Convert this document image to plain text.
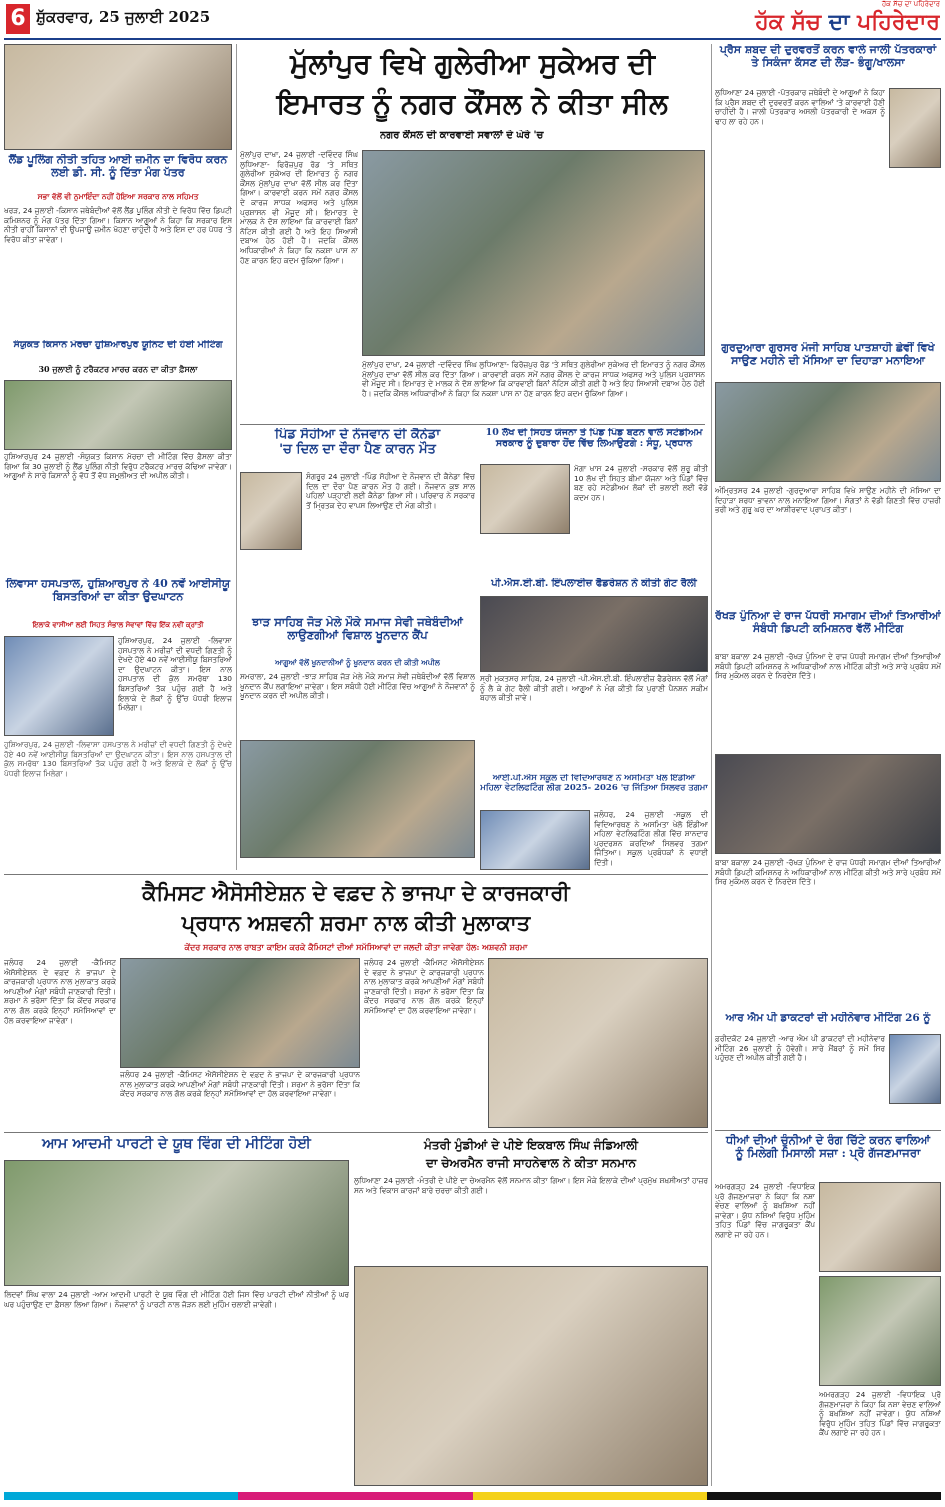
6 ਸ਼ੁੱਕਰਵਾਰ, 25 ਜੁਲਾਈ 2025
ਹੱਕ ਸੱਚ ਦਾ ਪਹਿਰੇਦਾਰ
ਹੱਕ ਸੱਚ ਦਾ ਪਹਿਰੇਦਾਰ
ਲੈਂਡ ਪੂਲਿੰਗ ਨੀਤੀ ਤਹਿਤ ਆਈ ਜ਼ਮੀਨ ਦਾ ਵਿਰੋਧ ਕਰਨ ਲਈ ਡੀ. ਸੀ. ਨੂੰ ਦਿੱਤਾ ਮੰਗ ਪੱਤਰ
ਸਭਾ ਵੱਲੋਂ ਵੀ ਨੁਮਾਇੰਦਾ ਨਹੀਂ ਹੋਇਆ ਸਰਕਾਰ ਨਾਲ ਸਹਿਮਤ
ਖਰੜ, 24 ਜੁਲਾਈ -ਕਿਸਾਨ ਜਥੇਬੰਦੀਆਂ ਵੱਲੋਂ ਲੈਂਡ ਪੂਲਿੰਗ ਨੀਤੀ ਦੇ ਵਿਰੋਧ ਵਿੱਚ ਡਿਪਟੀ ਕਮਿਸ਼ਨਰ ਨੂੰ ਮੰਗ ਪੱਤਰ ਦਿੱਤਾ ਗਿਆ। ਕਿਸਾਨ ਆਗੂਆਂ ਨੇ ਕਿਹਾ ਕਿ ਸਰਕਾਰ ਇਸ ਨੀਤੀ ਰਾਹੀਂ ਕਿਸਾਨਾਂ ਦੀ ਉਪਜਾਊ ਜ਼ਮੀਨ ਖੋਹਣਾ ਚਾਹੁੰਦੀ ਹੈ ਅਤੇ ਇਸ ਦਾ ਹਰ ਪੱਧਰ 'ਤੇ ਵਿਰੋਧ ਕੀਤਾ ਜਾਵੇਗਾ।
ਸੰਯੁਕਤ ਕਿਸਾਨ ਮੋਰਚਾ ਹੁਸ਼ਿਆਰਪੁਰ ਯੂਨਿਟ ਦੀ ਹੋਈ ਮੀਟਿੰਗ
30 ਜੁਲਾਈ ਨੂੰ ਟਰੈਕਟਰ ਮਾਰਚ ਕਰਨ ਦਾ ਕੀਤਾ ਫ਼ੈਸਲਾ
ਹੁਸ਼ਿਆਰਪੁਰ 24 ਜੁਲਾਈ -ਸੰਯੁਕਤ ਕਿਸਾਨ ਮੋਰਚਾ ਦੀ ਮੀਟਿੰਗ ਵਿੱਚ ਫ਼ੈਸਲਾ ਕੀਤਾ ਗਿਆ ਕਿ 30 ਜੁਲਾਈ ਨੂੰ ਲੈਂਡ ਪੂਲਿੰਗ ਨੀਤੀ ਵਿਰੁੱਧ ਟਰੈਕਟਰ ਮਾਰਚ ਕੱਢਿਆ ਜਾਵੇਗਾ। ਆਗੂਆਂ ਨੇ ਸਾਰੇ ਕਿਸਾਨਾਂ ਨੂੰ ਵੱਧ ਤੋਂ ਵੱਧ ਸ਼ਮੂਲੀਅਤ ਦੀ ਅਪੀਲ ਕੀਤੀ।
ਲਿਵਾਸਾ ਹਸਪਤਾਲ, ਹੁਸ਼ਿਆਰਪੁਰ ਨੇ 40 ਨਵੇਂ ਆਈਸੀਯੂ ਬਿਸਤਰਿਆਂ ਦਾ ਕੀਤਾ ਉਦਘਾਟਨ
ਇਲਾਕੇ ਵਾਸੀਆਂ ਲਈ ਸਿਹਤ ਸੰਭਾਲ ਸੇਵਾਵਾਂ ਵਿੱਚ ਇੱਕ ਨਵੀਂ ਕ੍ਰਾਂਤੀ
ਹੁਸ਼ਿਆਰਪੁਰ, 24 ਜੁਲਾਈ -ਲਿਵਾਸਾ ਹਸਪਤਾਲ ਨੇ ਮਰੀਜ਼ਾਂ ਦੀ ਵਧਦੀ ਗਿਣਤੀ ਨੂੰ ਦੇਖਦੇ ਹੋਏ 40 ਨਵੇਂ ਆਈਸੀਯੂ ਬਿਸਤਰਿਆਂ ਦਾ ਉਦਘਾਟਨ ਕੀਤਾ। ਇਸ ਨਾਲ ਹਸਪਤਾਲ ਦੀ ਕੁੱਲ ਸਮਰੱਥਾ 130 ਬਿਸਤਰਿਆਂ ਤੱਕ ਪਹੁੰਚ ਗਈ ਹੈ ਅਤੇ ਇਲਾਕੇ ਦੇ ਲੋਕਾਂ ਨੂੰ ਉੱਚ ਪੱਧਰੀ ਇਲਾਜ ਮਿਲੇਗਾ।
ਹੁਸ਼ਿਆਰਪੁਰ, 24 ਜੁਲਾਈ -ਲਿਵਾਸਾ ਹਸਪਤਾਲ ਨੇ ਮਰੀਜ਼ਾਂ ਦੀ ਵਧਦੀ ਗਿਣਤੀ ਨੂੰ ਦੇਖਦੇ ਹੋਏ 40 ਨਵੇਂ ਆਈਸੀਯੂ ਬਿਸਤਰਿਆਂ ਦਾ ਉਦਘਾਟਨ ਕੀਤਾ। ਇਸ ਨਾਲ ਹਸਪਤਾਲ ਦੀ ਕੁੱਲ ਸਮਰੱਥਾ 130 ਬਿਸਤਰਿਆਂ ਤੱਕ ਪਹੁੰਚ ਗਈ ਹੈ ਅਤੇ ਇਲਾਕੇ ਦੇ ਲੋਕਾਂ ਨੂੰ ਉੱਚ ਪੱਧਰੀ ਇਲਾਜ ਮਿਲੇਗਾ।
ਮੁੱਲਾਂਪੁਰ ਵਿਖੇ ਗੁਲੇਰੀਆ ਸੁਕੇਅਰ ਦੀ
ਇਮਾਰਤ ਨੂੰ ਨਗਰ ਕੌਂਸਲ ਨੇ ਕੀਤਾ ਸੀਲ
ਨਗਰ ਕੌਂਸਲ ਦੀ ਕਾਰਵਾਈ ਸਵਾਲਾਂ ਦੇ ਘੇਰੇ 'ਚ
ਮੁੱਲਾਂਪੁਰ ਦਾਖਾ, 24 ਜੁਲਾਈ -ਦਵਿੰਦਰ ਸਿੰਘ ਲੁਧਿਆਣਾ- ਫਿਰੋਜ਼ਪੁਰ ਰੋਡ 'ਤੇ ਸਥਿਤ ਗੁਲੇਰੀਆ ਸੁਕੇਅਰ ਦੀ ਇਮਾਰਤ ਨੂੰ ਨਗਰ ਕੌਂਸਲ ਮੁੱਲਾਂਪੁਰ ਦਾਖਾ ਵੱਲੋਂ ਸੀਲ ਕਰ ਦਿੱਤਾ ਗਿਆ। ਕਾਰਵਾਈ ਕਰਨ ਸਮੇਂ ਨਗਰ ਕੌਂਸਲ ਦੇ ਕਾਰਜ ਸਾਧਕ ਅਫਸਰ ਅਤੇ ਪੁਲਿਸ ਪ੍ਰਸ਼ਾਸਨ ਵੀ ਮੌਜੂਦ ਸੀ। ਇਮਾਰਤ ਦੇ ਮਾਲਕ ਨੇ ਦੋਸ਼ ਲਾਇਆ ਕਿ ਕਾਰਵਾਈ ਬਿਨਾਂ ਨੋਟਿਸ ਕੀਤੀ ਗਈ ਹੈ ਅਤੇ ਇਹ ਸਿਆਸੀ ਦਬਾਅ ਹੇਠ ਹੋਈ ਹੈ। ਜਦਕਿ ਕੌਂਸਲ ਅਧਿਕਾਰੀਆਂ ਨੇ ਕਿਹਾ ਕਿ ਨਕਸ਼ਾ ਪਾਸ ਨਾ ਹੋਣ ਕਾਰਨ ਇਹ ਕਦਮ ਚੁੱਕਿਆ ਗਿਆ।
ਮੁੱਲਾਂਪੁਰ ਦਾਖਾ, 24 ਜੁਲਾਈ -ਦਵਿੰਦਰ ਸਿੰਘ ਲੁਧਿਆਣਾ- ਫਿਰੋਜ਼ਪੁਰ ਰੋਡ 'ਤੇ ਸਥਿਤ ਗੁਲੇਰੀਆ ਸੁਕੇਅਰ ਦੀ ਇਮਾਰਤ ਨੂੰ ਨਗਰ ਕੌਂਸਲ ਮੁੱਲਾਂਪੁਰ ਦਾਖਾ ਵੱਲੋਂ ਸੀਲ ਕਰ ਦਿੱਤਾ ਗਿਆ। ਕਾਰਵਾਈ ਕਰਨ ਸਮੇਂ ਨਗਰ ਕੌਂਸਲ ਦੇ ਕਾਰਜ ਸਾਧਕ ਅਫਸਰ ਅਤੇ ਪੁਲਿਸ ਪ੍ਰਸ਼ਾਸਨ ਵੀ ਮੌਜੂਦ ਸੀ। ਇਮਾਰਤ ਦੇ ਮਾਲਕ ਨੇ ਦੋਸ਼ ਲਾਇਆ ਕਿ ਕਾਰਵਾਈ ਬਿਨਾਂ ਨੋਟਿਸ ਕੀਤੀ ਗਈ ਹੈ ਅਤੇ ਇਹ ਸਿਆਸੀ ਦਬਾਅ ਹੇਠ ਹੋਈ ਹੈ। ਜਦਕਿ ਕੌਂਸਲ ਅਧਿਕਾਰੀਆਂ ਨੇ ਕਿਹਾ ਕਿ ਨਕਸ਼ਾ ਪਾਸ ਨਾ ਹੋਣ ਕਾਰਨ ਇਹ ਕਦਮ ਚੁੱਕਿਆ ਗਿਆ।
ਪਿੰਡ ਸੋਹੀਆ ਦੇ ਨੌਜਵਾਨ ਦੀ ਕੈਨੇਡਾ
'ਚ ਦਿਲ ਦਾ ਦੌਰਾ ਪੈਣ ਕਾਰਨ ਮੌਤ
ਸੰਗਰੂਰ 24 ਜੁਲਾਈ -ਪਿੰਡ ਸੋਹੀਆ ਦੇ ਨੌਜਵਾਨ ਦੀ ਕੈਨੇਡਾ ਵਿੱਚ ਦਿਲ ਦਾ ਦੌਰਾ ਪੈਣ ਕਾਰਨ ਮੌਤ ਹੋ ਗਈ। ਨੌਜਵਾਨ ਕੁਝ ਸਾਲ ਪਹਿਲਾਂ ਪੜ੍ਹਾਈ ਲਈ ਕੈਨੇਡਾ ਗਿਆ ਸੀ। ਪਰਿਵਾਰ ਨੇ ਸਰਕਾਰ ਤੋਂ ਮ੍ਰਿਤਕ ਦੇਹ ਵਾਪਸ ਲਿਆਉਣ ਦੀ ਮੰਗ ਕੀਤੀ।
ਝਾੜ ਸਾਹਿਬ ਜੋੜ ਮੇਲੇ ਮੌਕੇ ਸਮਾਜ ਸੇਵੀ ਜਥੇਬੰਦੀਆਂ ਲਾਉਣਗੀਆਂ ਵਿਸ਼ਾਲ ਖੂਨਦਾਨ ਕੈਂਪ
ਆਗੂਆਂ ਵੱਲੋਂ ਖੂਨਦਾਨੀਆਂ ਨੂੰ ਖੂਨਦਾਨ ਕਰਨ ਦੀ ਕੀਤੀ ਅਪੀਲ
ਸਮਰਾਲਾ, 24 ਜੁਲਾਈ -ਝਾੜ ਸਾਹਿਬ ਜੋੜ ਮੇਲੇ ਮੌਕੇ ਸਮਾਜ ਸੇਵੀ ਜਥੇਬੰਦੀਆਂ ਵੱਲੋਂ ਵਿਸ਼ਾਲ ਖੂਨਦਾਨ ਕੈਂਪ ਲਗਾਇਆ ਜਾਵੇਗਾ। ਇਸ ਸਬੰਧੀ ਹੋਈ ਮੀਟਿੰਗ ਵਿੱਚ ਆਗੂਆਂ ਨੇ ਨੌਜਵਾਨਾਂ ਨੂੰ ਖੂਨਦਾਨ ਕਰਨ ਦੀ ਅਪੀਲ ਕੀਤੀ।
10 ਲੱਖ ਦੀ ਸਿਹਤ ਯੋਜਨਾ ਤੇ ਪਿੰਡ ਪਿੰਡ ਬਣਨ ਵਾਲੇ ਸਟੇਡੀਅਮ ਸਰਕਾਰ ਨੂੰ ਦੁਬਾਰਾ ਹੋਂਦ ਵਿੱਚ ਲਿਆਉਣਗੇ : ਸੰਧੂ, ਪ੍ਰਧਾਨ
ਮੋਗਾ ਖਾਸ 24 ਜੁਲਾਈ -ਸਰਕਾਰ ਵੱਲੋਂ ਸ਼ੁਰੂ ਕੀਤੀ 10 ਲੱਖ ਦੀ ਸਿਹਤ ਬੀਮਾ ਯੋਜਨਾ ਅਤੇ ਪਿੰਡਾਂ ਵਿੱਚ ਬਣ ਰਹੇ ਸਟੇਡੀਅਮ ਲੋਕਾਂ ਦੀ ਭਲਾਈ ਲਈ ਵੱਡੇ ਕਦਮ ਹਨ।
ਪੀ.ਐਸ.ਈ.ਬੀ. ਇੰਪਲਾਈਜ਼ ਫੈਡਰੇਸ਼ਨ ਨੇ ਕੀਤੀ ਗੇਟ ਰੈਲੀ
ਸ੍ਰੀ ਮੁਕਤਸਰ ਸਾਹਿਬ, 24 ਜੁਲਾਈ -ਪੀ.ਐਸ.ਈ.ਬੀ. ਇੰਪਲਾਈਜ਼ ਫੈਡਰੇਸ਼ਨ ਵੱਲੋਂ ਮੰਗਾਂ ਨੂੰ ਲੈ ਕੇ ਗੇਟ ਰੈਲੀ ਕੀਤੀ ਗਈ। ਆਗੂਆਂ ਨੇ ਮੰਗ ਕੀਤੀ ਕਿ ਪੁਰਾਣੀ ਪੈਨਸ਼ਨ ਸਕੀਮ ਬਹਾਲ ਕੀਤੀ ਜਾਵੇ।
ਆਈ.ਪੀ.ਐਸ ਸਕੂਲ ਦੀ ਵਿਦਿਆਰਥਣ ਨੇ ਅਸਮਿਤਾ ਖੇਲੋ ਇੰਡੀਆ
ਮਹਿਲਾ ਵੇਟਲਿਫਟਿੰਗ ਲੀਗ 2025- 2026 'ਚ ਜਿੱਤਿਆ ਸਿਲਵਰ ਤਗਮਾ
ਜਲੰਧਰ, 24 ਜੁਲਾਈ -ਸਕੂਲ ਦੀ ਵਿਦਿਆਰਥਣ ਨੇ ਅਸਮਿਤਾ ਖੇਲੋ ਇੰਡੀਆ ਮਹਿਲਾ ਵੇਟਲਿਫਟਿੰਗ ਲੀਗ ਵਿੱਚ ਸ਼ਾਨਦਾਰ ਪ੍ਰਦਰਸ਼ਨ ਕਰਦਿਆਂ ਸਿਲਵਰ ਤਗਮਾ ਜਿੱਤਿਆ। ਸਕੂਲ ਪ੍ਰਬੰਧਕਾਂ ਨੇ ਵਧਾਈ ਦਿੱਤੀ।
ਕੈਮਿਸਟ ਐਸੋਸੀਏਸ਼ਨ ਦੇ ਵਫ਼ਦ ਨੇ ਭਾਜਪਾ ਦੇ ਕਾਰਜਕਾਰੀ
ਪ੍ਰਧਾਨ ਅਸ਼ਵਨੀ ਸ਼ਰਮਾ ਨਾਲ ਕੀਤੀ ਮੁਲਾਕਾਤ
ਕੇਂਦਰ ਸਰਕਾਰ ਨਾਲ ਰਾਬਤਾ ਕਾਇਮ ਕਰਕੇ ਕੈਮਿਸਟਾਂ ਦੀਆਂ ਸਮੱਸਿਆਵਾਂ ਦਾ ਜਲਦੀ ਕੀਤਾ ਜਾਵੇਗਾ ਹੱਲ: ਅਸ਼ਵਨੀ ਸ਼ਰਮਾ
ਜਲੰਧਰ 24 ਜੁਲਾਈ -ਕੈਮਿਸਟ ਐਸੋਸੀਏਸ਼ਨ ਦੇ ਵਫ਼ਦ ਨੇ ਭਾਜਪਾ ਦੇ ਕਾਰਜਕਾਰੀ ਪ੍ਰਧਾਨ ਨਾਲ ਮੁਲਾਕਾਤ ਕਰਕੇ ਆਪਣੀਆਂ ਮੰਗਾਂ ਸਬੰਧੀ ਜਾਣਕਾਰੀ ਦਿੱਤੀ। ਸ਼ਰਮਾ ਨੇ ਭਰੋਸਾ ਦਿੱਤਾ ਕਿ ਕੇਂਦਰ ਸਰਕਾਰ ਨਾਲ ਗੱਲ ਕਰਕੇ ਇਨ੍ਹਾਂ ਸਮੱਸਿਆਵਾਂ ਦਾ ਹੱਲ ਕਰਵਾਇਆ ਜਾਵੇਗਾ।
ਜਲੰਧਰ 24 ਜੁਲਾਈ -ਕੈਮਿਸਟ ਐਸੋਸੀਏਸ਼ਨ ਦੇ ਵਫ਼ਦ ਨੇ ਭਾਜਪਾ ਦੇ ਕਾਰਜਕਾਰੀ ਪ੍ਰਧਾਨ ਨਾਲ ਮੁਲਾਕਾਤ ਕਰਕੇ ਆਪਣੀਆਂ ਮੰਗਾਂ ਸਬੰਧੀ ਜਾਣਕਾਰੀ ਦਿੱਤੀ। ਸ਼ਰਮਾ ਨੇ ਭਰੋਸਾ ਦਿੱਤਾ ਕਿ ਕੇਂਦਰ ਸਰਕਾਰ ਨਾਲ ਗੱਲ ਕਰਕੇ ਇਨ੍ਹਾਂ ਸਮੱਸਿਆਵਾਂ ਦਾ ਹੱਲ ਕਰਵਾਇਆ ਜਾਵੇਗਾ।
ਜਲੰਧਰ 24 ਜੁਲਾਈ -ਕੈਮਿਸਟ ਐਸੋਸੀਏਸ਼ਨ ਦੇ ਵਫ਼ਦ ਨੇ ਭਾਜਪਾ ਦੇ ਕਾਰਜਕਾਰੀ ਪ੍ਰਧਾਨ ਨਾਲ ਮੁਲਾਕਾਤ ਕਰਕੇ ਆਪਣੀਆਂ ਮੰਗਾਂ ਸਬੰਧੀ ਜਾਣਕਾਰੀ ਦਿੱਤੀ। ਸ਼ਰਮਾ ਨੇ ਭਰੋਸਾ ਦਿੱਤਾ ਕਿ ਕੇਂਦਰ ਸਰਕਾਰ ਨਾਲ ਗੱਲ ਕਰਕੇ ਇਨ੍ਹਾਂ ਸਮੱਸਿਆਵਾਂ ਦਾ ਹੱਲ ਕਰਵਾਇਆ ਜਾਵੇਗਾ।
ਆਮ ਆਦਮੀ ਪਾਰਟੀ ਦੇ ਯੂਥ ਵਿੰਗ ਦੀ ਮੀਟਿੰਗ ਹੋਈ
ਲਿਦਵਾਂ ਸਿੰਘ ਵਾਲਾ 24 ਜੁਲਾਈ -ਆਮ ਆਦਮੀ ਪਾਰਟੀ ਦੇ ਯੂਥ ਵਿੰਗ ਦੀ ਮੀਟਿੰਗ ਹੋਈ ਜਿਸ ਵਿੱਚ ਪਾਰਟੀ ਦੀਆਂ ਨੀਤੀਆਂ ਨੂੰ ਘਰ ਘਰ ਪਹੁੰਚਾਉਣ ਦਾ ਫ਼ੈਸਲਾ ਲਿਆ ਗਿਆ। ਨੌਜਵਾਨਾਂ ਨੂੰ ਪਾਰਟੀ ਨਾਲ ਜੋੜਨ ਲਈ ਮੁਹਿੰਮ ਚਲਾਈ ਜਾਵੇਗੀ।
ਮੰਤਰੀ ਮੁੰਡੀਆਂ ਦੇ ਪੀਏ ਇਕਬਾਲ ਸਿੰਘ ਜੰਡਿਆਲੀ
ਦਾ ਚੇਅਰਮੈਨ ਰਾਜੀ ਸਾਹਨੇਵਾਲ ਨੇ ਕੀਤਾ ਸਨਮਾਨ
ਲੁਧਿਆਣਾ 24 ਜੁਲਾਈ -ਮੰਤਰੀ ਦੇ ਪੀਏ ਦਾ ਚੇਅਰਮੈਨ ਵੱਲੋਂ ਸਨਮਾਨ ਕੀਤਾ ਗਿਆ। ਇਸ ਮੌਕੇ ਇਲਾਕੇ ਦੀਆਂ ਪ੍ਰਮੁੱਖ ਸ਼ਖ਼ਸੀਅਤਾਂ ਹਾਜ਼ਰ ਸਨ ਅਤੇ ਵਿਕਾਸ ਕਾਰਜਾਂ ਬਾਰੇ ਚਰਚਾ ਕੀਤੀ ਗਈ।
ਪ੍ਰੈਸ ਸ਼ਬਦ ਦੀ ਦੁਰਵਰਤੋਂ ਕਰਨ ਵਾਲੇ ਜਾਲੀ ਪੱਤਰਕਾਰਾਂ ਤੇ ਸਿਕੰਜਾ ਕੱਸਣ ਦੀ ਲੋੜ- ਭੰਗੂ/ਖਾਲਸਾ
ਲੁਧਿਆਣਾ 24 ਜੁਲਾਈ -ਪੱਤਰਕਾਰ ਜਥੇਬੰਦੀ ਦੇ ਆਗੂਆਂ ਨੇ ਕਿਹਾ ਕਿ ਪ੍ਰੈਸ ਸ਼ਬਦ ਦੀ ਦੁਰਵਰਤੋਂ ਕਰਨ ਵਾਲਿਆਂ 'ਤੇ ਕਾਰਵਾਈ ਹੋਣੀ ਚਾਹੀਦੀ ਹੈ। ਜਾਲੀ ਪੱਤਰਕਾਰ ਅਸਲੀ ਪੱਤਰਕਾਰੀ ਦੇ ਅਕਸ ਨੂੰ ਢਾਹ ਲਾ ਰਹੇ ਹਨ।
ਗੁਰਦੁਆਰਾ ਗੁਰਸਰ ਮੰਜੀ ਸਾਹਿਬ ਪਾਤਸ਼ਾਹੀ ਛੇਵੀਂ ਵਿਖੇ ਸਾਉਣ ਮਹੀਨੇ ਦੀ ਮੱਸਿਆ ਦਾ ਦਿਹਾੜਾ ਮਨਾਇਆ
ਅੰਮ੍ਰਿਤਸਰ 24 ਜੁਲਾਈ -ਗੁਰਦੁਆਰਾ ਸਾਹਿਬ ਵਿਖੇ ਸਾਉਣ ਮਹੀਨੇ ਦੀ ਮੱਸਿਆ ਦਾ ਦਿਹਾੜਾ ਸ਼ਰਧਾ ਭਾਵਨਾ ਨਾਲ ਮਨਾਇਆ ਗਿਆ। ਸੰਗਤਾਂ ਨੇ ਵੱਡੀ ਗਿਣਤੀ ਵਿੱਚ ਹਾਜ਼ਰੀ ਭਰੀ ਅਤੇ ਗੁਰੂ ਘਰ ਦਾ ਆਸ਼ੀਰਵਾਦ ਪ੍ਰਾਪਤ ਕੀਤਾ।
ਰੱਖੜ ਪੁੰਨਿਆ ਦੇ ਰਾਜ ਪੱਧਰੀ ਸਮਾਗਮ ਦੀਆਂ ਤਿਆਰੀਆਂ ਸੰਬੰਧੀ ਡਿਪਟੀ ਕਮਿਸ਼ਨਰ ਵੱਲੋਂ ਮੀਟਿੰਗ
ਬਾਬਾ ਬਕਾਲਾ 24 ਜੁਲਾਈ -ਰੱਖੜ ਪੁੰਨਿਆ ਦੇ ਰਾਜ ਪੱਧਰੀ ਸਮਾਗਮ ਦੀਆਂ ਤਿਆਰੀਆਂ ਸਬੰਧੀ ਡਿਪਟੀ ਕਮਿਸ਼ਨਰ ਨੇ ਅਧਿਕਾਰੀਆਂ ਨਾਲ ਮੀਟਿੰਗ ਕੀਤੀ ਅਤੇ ਸਾਰੇ ਪ੍ਰਬੰਧ ਸਮੇਂ ਸਿਰ ਮੁਕੰਮਲ ਕਰਨ ਦੇ ਨਿਰਦੇਸ਼ ਦਿੱਤੇ।
ਬਾਬਾ ਬਕਾਲਾ 24 ਜੁਲਾਈ -ਰੱਖੜ ਪੁੰਨਿਆ ਦੇ ਰਾਜ ਪੱਧਰੀ ਸਮਾਗਮ ਦੀਆਂ ਤਿਆਰੀਆਂ ਸਬੰਧੀ ਡਿਪਟੀ ਕਮਿਸ਼ਨਰ ਨੇ ਅਧਿਕਾਰੀਆਂ ਨਾਲ ਮੀਟਿੰਗ ਕੀਤੀ ਅਤੇ ਸਾਰੇ ਪ੍ਰਬੰਧ ਸਮੇਂ ਸਿਰ ਮੁਕੰਮਲ ਕਰਨ ਦੇ ਨਿਰਦੇਸ਼ ਦਿੱਤੇ।
ਆਰ ਐਮ ਪੀ ਡਾਕਟਰਾਂ ਦੀ ਮਹੀਨੇਵਾਰ ਮੀਟਿੰਗ 26 ਨੂੰ
ਫ਼ਰੀਦਕੋਟ 24 ਜੁਲਾਈ -ਆਰ ਐਮ ਪੀ ਡਾਕਟਰਾਂ ਦੀ ਮਹੀਨੇਵਾਰ ਮੀਟਿੰਗ 26 ਜੁਲਾਈ ਨੂੰ ਹੋਵੇਗੀ। ਸਾਰੇ ਮੈਂਬਰਾਂ ਨੂੰ ਸਮੇਂ ਸਿਰ ਪਹੁੰਚਣ ਦੀ ਅਪੀਲ ਕੀਤੀ ਗਈ ਹੈ।
ਧੀਆਂ ਦੀਆਂ ਚੁੰਨੀਆਂ ਦੇ ਰੰਗ ਚਿੱਟੇ ਕਰਨ ਵਾਲਿਆਂ
ਨੂੰ ਮਿਲੇਗੀ ਮਿਸਾਲੀ ਸਜ਼ਾ : ਪ੍ਰੋ ਗੱਜਣਮਾਜਰਾ
ਅਮਰਗੜ੍ਹ 24 ਜੁਲਾਈ -ਵਿਧਾਇਕ ਪ੍ਰੋ ਗੱਜਣਮਾਜਰਾ ਨੇ ਕਿਹਾ ਕਿ ਨਸ਼ਾ ਵੇਚਣ ਵਾਲਿਆਂ ਨੂੰ ਬਖ਼ਸ਼ਿਆ ਨਹੀਂ ਜਾਵੇਗਾ। ਯੁੱਧ ਨਸ਼ਿਆਂ ਵਿਰੁੱਧ ਮੁਹਿੰਮ ਤਹਿਤ ਪਿੰਡਾਂ ਵਿੱਚ ਜਾਗਰੂਕਤਾ ਕੈਂਪ ਲਗਾਏ ਜਾ ਰਹੇ ਹਨ।
ਅਮਰਗੜ੍ਹ 24 ਜੁਲਾਈ -ਵਿਧਾਇਕ ਪ੍ਰੋ ਗੱਜਣਮਾਜਰਾ ਨੇ ਕਿਹਾ ਕਿ ਨਸ਼ਾ ਵੇਚਣ ਵਾਲਿਆਂ ਨੂੰ ਬਖ਼ਸ਼ਿਆ ਨਹੀਂ ਜਾਵੇਗਾ। ਯੁੱਧ ਨਸ਼ਿਆਂ ਵਿਰੁੱਧ ਮੁਹਿੰਮ ਤਹਿਤ ਪਿੰਡਾਂ ਵਿੱਚ ਜਾਗਰੂਕਤਾ ਕੈਂਪ ਲਗਾਏ ਜਾ ਰਹੇ ਹਨ।
